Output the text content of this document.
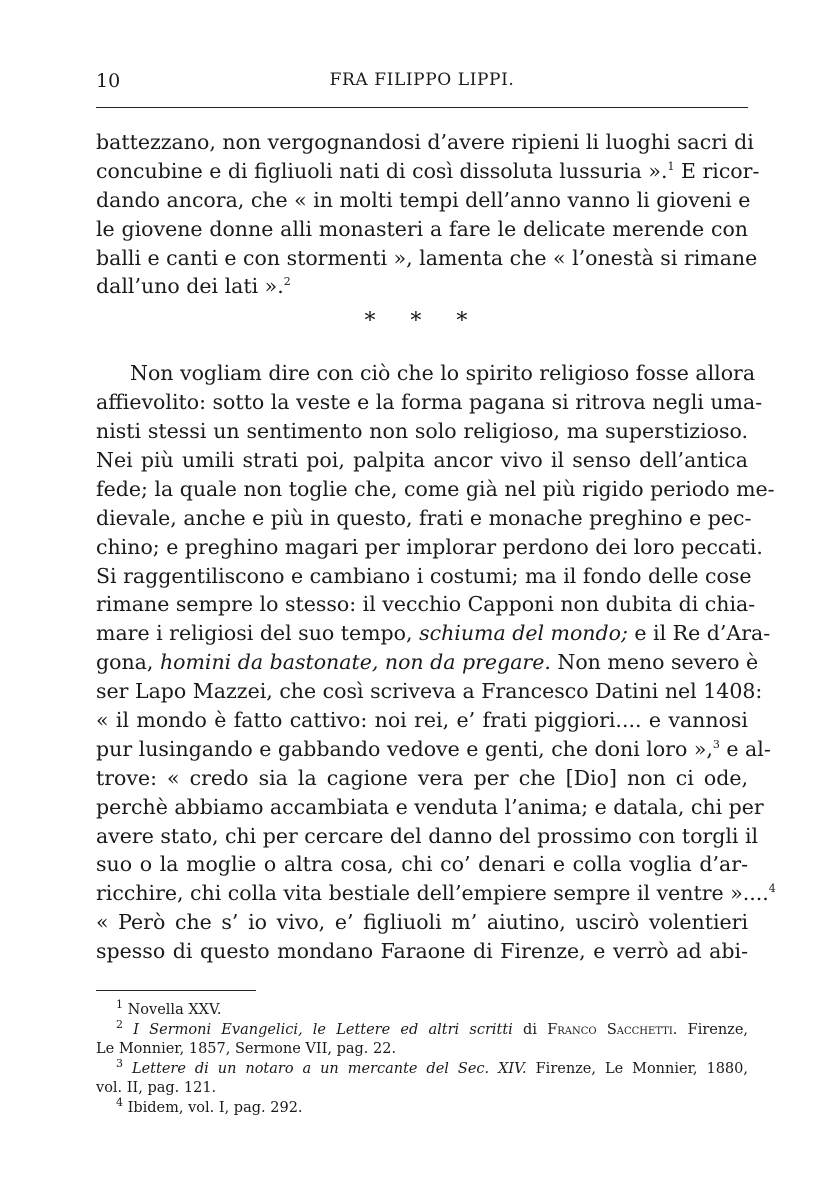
10	FRA FILIPPO LIPPI.
battezzano, non vergognandosi d’avere ripieni li luoghi sacri di
concubine e di figliuoli nati di così dissoluta lussuria ».$^1$ E ricor-
dando ancora, che « in molti tempi dell’anno vanno li gioveni e
le giovene donne alli monasteri a fare le delicate merende con
balli e canti e con stormenti », lamenta che « l’onestà si rimane
dall’uno dei lati ».$^2$
∗ ∗ ∗
Non vogliam dire con ciò che lo spirito religioso fosse allora
affievolito: sotto la veste e la forma pagana si ritrova negli uma-
nisti stessi un sentimento non solo religioso, ma superstizioso.
Nei più umili strati poi, palpita ancor vivo il senso dell’antica
fede; la quale non toglie che, come già nel più rigido periodo me-
dievale, anche e più in questo, frati e monache preghino e pec-
chino; e preghino magari per implorar perdono dei loro peccati.
Si raggentiliscono e cambiano i costumi; ma il fondo delle cose
rimane sempre lo stesso: il vecchio Capponi non dubita di chia-
mare i religiosi del suo tempo, schiuma del mondo; e il Re d’Ara-
gona, homini da bastonate, non da pregare. Non meno severo è
ser Lapo Mazzei, che così scriveva a Francesco Datini nel 1408:
« il mondo è fatto cattivo: noi rei, e’ frati piggiori.... e vannosi
pur lusingando e gabbando vedove e genti, che doni loro »,$^3$ e al-
trove: « credo sia la cagione vera per che [Dio] non ci ode,
perchè abbiamo accambiata e venduta l’anima; e datala, chi per
avere stato, chi per cercare del danno del prossimo con torgli il
suo o la moglie o altra cosa, chi co’ denari e colla voglia d’ar-
ricchire, chi colla vita bestiale dell’empiere sempre il ventre »....$^4$
« Però che s’ io vivo, e’ figliuoli m’ aiutino, uscirò volentieri
spesso di questo mondano Faraone di Firenze, e verrò ad abi-
$^1$ Novella XXV.
$^2$ I Sermoni Evangelici, le Lettere ed altri scritti di Franco Sacchetti. Firenze,
Le Monnier, 1857, Sermone VII, pag. 22.
$^3$ Lettere di un notaro a un mercante del Sec. XIV. Firenze, Le Monnier, 1880,
vol. II, pag. 121.
$^4$ Ibidem, vol. I, pag. 292.
